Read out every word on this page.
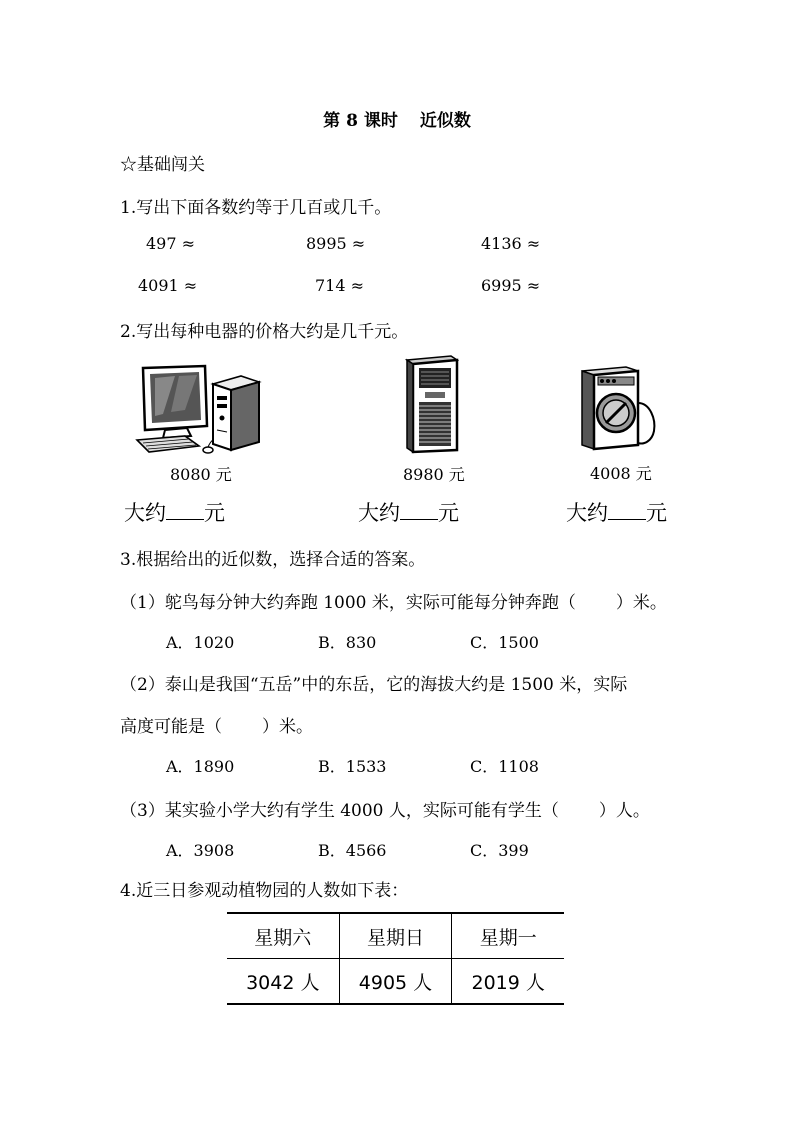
第 8 课时 近似数
☆基础闯关
1.写出下面各数约等于几百或几千。
497 ≈	8995 ≈	4136 ≈
4091 ≈	714 ≈	6995 ≈
2.写出每种电器的价格大约是几千元。
8080 元
大约 元
8980 元
大约 元
4008 元
大约 元
3.根据给出的近似数，选择合适的答案。
（1）鸵鸟每分钟大约奔跑 1000 米，实际可能每分钟奔跑（ ）米。
A．1020	B．830	C．1500
（2）泰山是我国“五岳”中的东岳，它的海拔大约是 1500 米，实际
高度可能是（ ）米。
A．1890	B．1533	C．1108
（3）某实验小学大约有学生 4000 人，实际可能有学生（ ）人。
A．3908	B．4566	C．399
4.近三日参观动植物园的人数如下表：
星期六	星期日	星期一
3042 人	4905 人	2019 人
